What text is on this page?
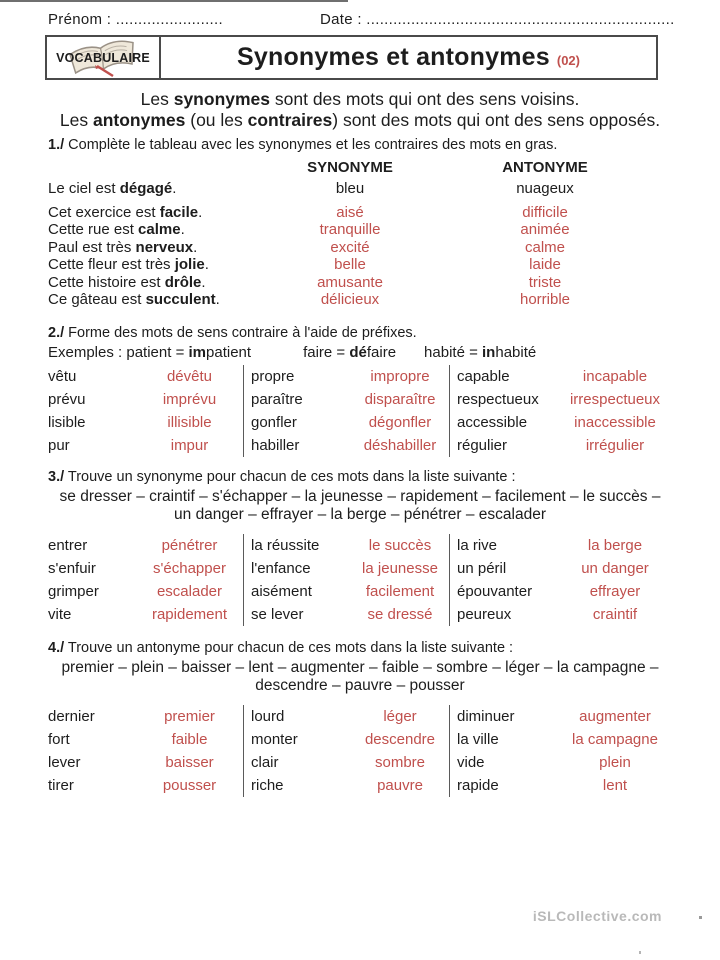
Prénom : ........................	Date : .....................................................................
VOCABULAIRE	Synonymes et antonymes (02)
Les synonymes sont des mots qui ont des sens voisins.
Les antonymes (ou les contraires) sont des mots qui ont des sens opposés.
1./ Complète le tableau avec les synonymes et les contraires des mots en gras.
SYNONYME	ANTONYME
Le ciel est dégagé.	bleu	nuageux
Cet exercice est facile.	aisé	difficile
Cette rue est calme.	tranquille	animée
Paul est très nerveux.	excité	calme
Cette fleur est très jolie.	belle	laide
Cette histoire est drôle.	amusante	triste
Ce gâteau est succulent.	délicieux	horrible
2./ Forme des mots de sens contraire à l'aide de préfixes.
Exemples : patient = impatient	faire = défaire habité = inhabité
vêtu	dévêtu
prévu	imprévu
lisible	illisible
pur	impur
propre	impropre
paraître	disparaître
gonfler	dégonfler
habiller	déshabiller
capable	incapable
respectueux	irrespectueux
accessible	inaccessible
régulier	irrégulier
3./ Trouve un synonyme pour chacun de ces mots dans la liste suivante :
se dresser – craintif – s'échapper – la jeunesse – rapidement – facilement – le succès –
un danger – effrayer – la berge – pénétrer – escalader
entrer	pénétrer
s'enfuir	s'échapper
grimper	escalader
vite	rapidement
la réussite	le succès
l'enfance	la jeunesse
aisément	facilement
se lever	se dressé
la rive	la berge
un péril	un danger
épouvanter	effrayer
peureux	craintif
4./ Trouve un antonyme pour chacun de ces mots dans la liste suivante :
premier – plein – baisser – lent – augmenter – faible – sombre – léger – la campagne –
descendre – pauvre – pousser
dernier	premier
fort	faible
lever	baisser
tirer	pousser
lourd	léger
monter	descendre
clair	sombre
riche	pauvre
diminuer	augmenter
la ville	la campagne
vide	plein
rapide	lent
iSLCollective.com
